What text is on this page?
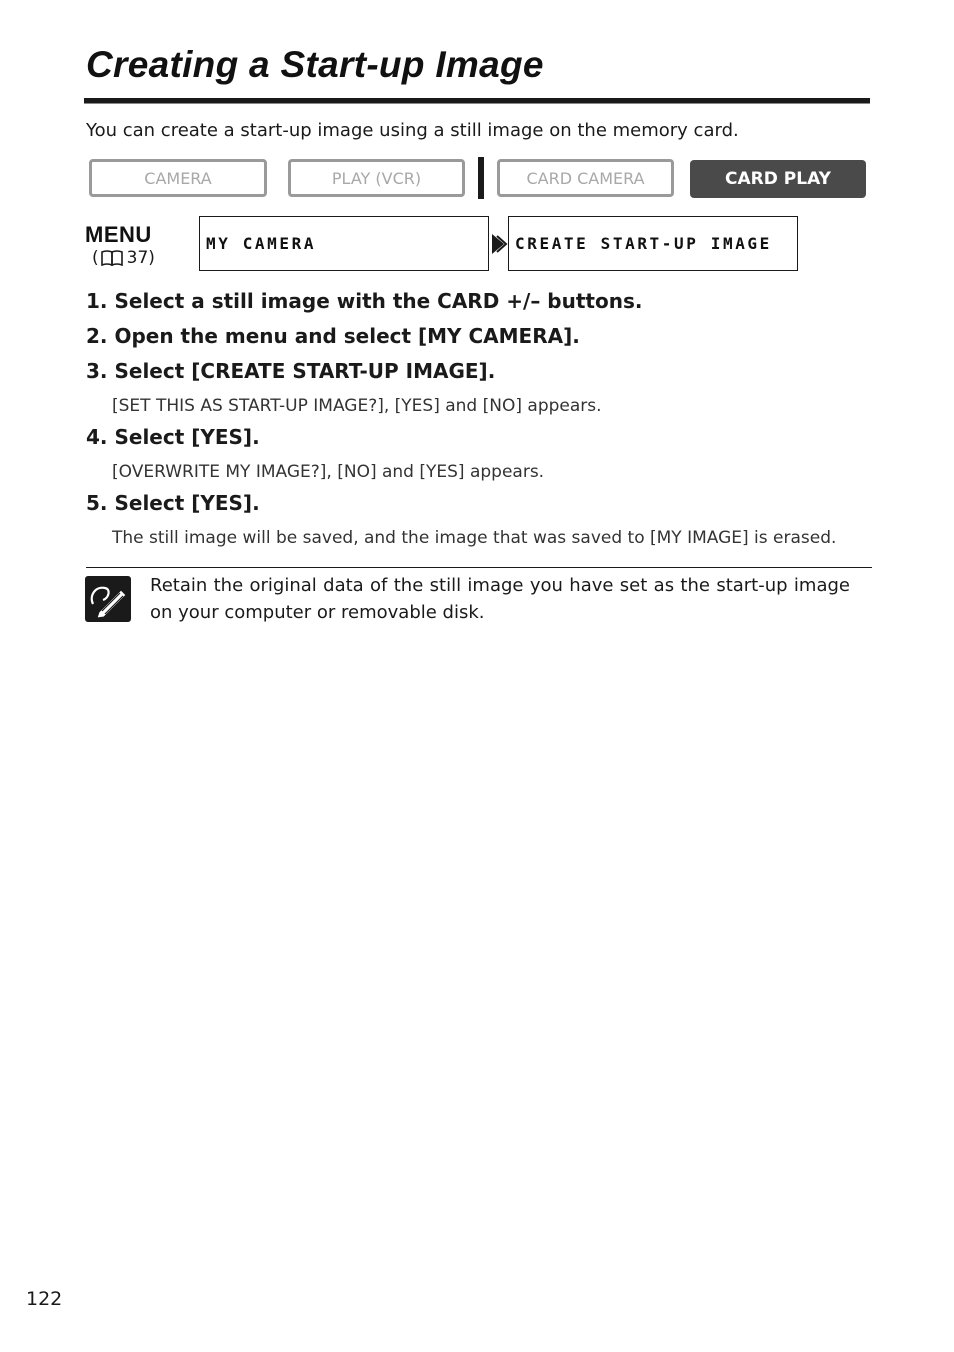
Creating a Start-up Image
You can create a start-up image using a still image on the memory card.
CAMERA	PLAY (VCR)	CARD CAMERA	CARD PLAY
MENU
( 37)
MY CAMERA	CREATE START-UP IMAGE

1. Select a still image with the CARD +/– buttons.

2. Open the menu and select [MY CAMERA].

3. Select [CREATE START-UP IMAGE].

[SET THIS AS START-UP IMAGE?], [YES] and [NO] appears.

4. Select [YES].

[OVERWRITE MY IMAGE?], [NO] and [YES] appears.

5. Select [YES].

The still image will be saved, and the image that was saved to [MY IMAGE] is erased.

Retain the original data of the still image you have set as the start-up image on your computer or removable disk.

122
